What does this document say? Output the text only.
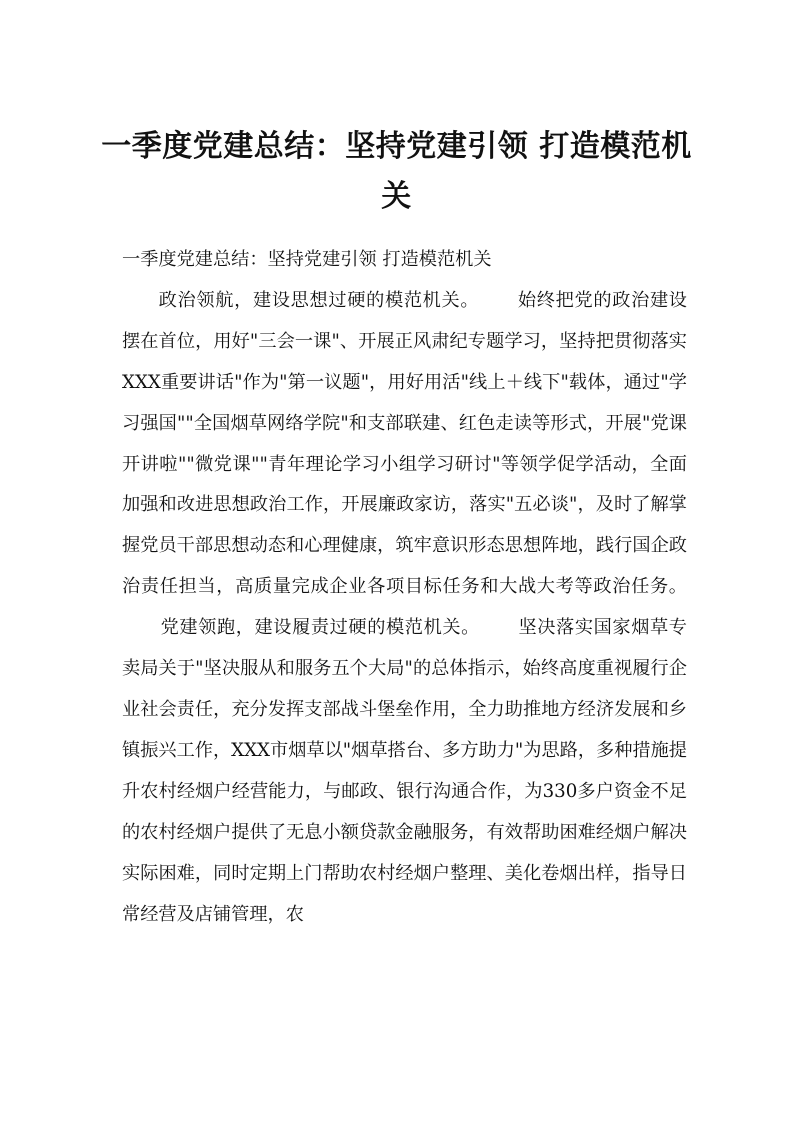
一季度党建总结：坚持党建引领 打造模范机关

一季度党建总结：坚持党建引领 打造模范机关

政治领航，建设思想过硬的模范机关。 始终把党的政治建设摆在首位，用好"三会一课"、开展正风肃纪专题学习，坚持把贯彻落实XXX重要讲话"作为"第一议题"，用好用活"线上＋线下"载体，通过"学习强国""全国烟草网络学院"和支部联建、红色走读等形式，开展"党课开讲啦""微党课""青年理论学习小组学习研讨"等领学促学活动，全面加强和改进思想政治工作，开展廉政家访，落实"五必谈"，及时了解掌握党员干部思想动态和心理健康，筑牢意识形态思想阵地，践行国企政治责任担当，高质量完成企业各项目标任务和大战大考等政治任务。党建领跑，建设履责过硬的模范机关。 坚决落实国家烟草专卖局关于"坚决服从和服务五个大局"的总体指示，始终高度重视履行企业社会责任，充分发挥支部战斗堡垒作用，全力助推地方经济发展和乡镇振兴工作，XXX市烟草以"烟草搭台、多方助力"为思路，多种措施提升农村经烟户经营能力，与邮政、银行沟通合作，为330多户资金不足的农村经烟户提供了无息小额贷款金融服务，有效帮助困难经烟户解决实际困难，同时定期上门帮助农村经烟户整理、美化卷烟出样，指导日常经营及店铺管理，农
